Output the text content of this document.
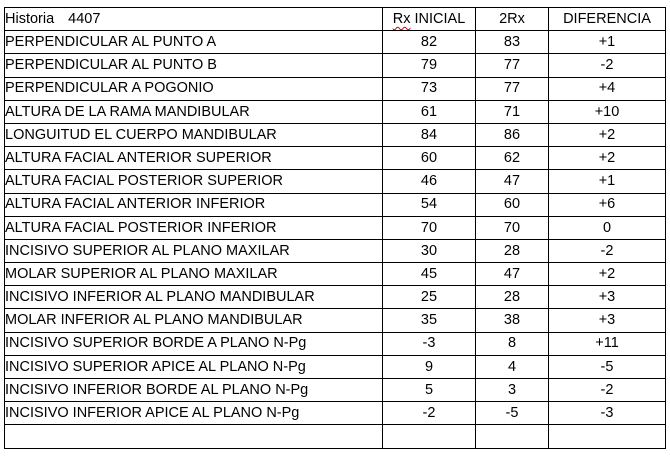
Historia 4407	Rx INICIAL	2Rx	DIFERENCIA
PERPENDICULAR AL PUNTO A	82	83	+1
PERPENDICULAR AL PUNTO B	79	77	-2
PERPENDICULAR A POGONIO	73	77	+4
ALTURA DE LA RAMA MANDIBULAR	61	71	+10
LONGUITUD EL CUERPO MANDIBULAR	84	86	+2
ALTURA FACIAL ANTERIOR SUPERIOR	60	62	+2
ALTURA FACIAL POSTERIOR SUPERIOR	46	47	+1
ALTURA FACIAL ANTERIOR INFERIOR	54	60	+6
ALTURA FACIAL POSTERIOR INFERIOR	70	70	0
INCISIVO SUPERIOR AL PLANO MAXILAR	30	28	-2
MOLAR SUPERIOR AL PLANO MAXILAR	45	47	+2
INCISIVO INFERIOR AL PLANO MANDIBULAR	25	28	+3
MOLAR INFERIOR AL PLANO MANDIBULAR	35	38	+3
INCISIVO SUPERIOR BORDE A PLANO N-Pg	-3	8	+11
INCISIVO SUPERIOR APICE AL PLANO N-Pg	9	4	-5
INCISIVO INFERIOR BORDE AL PLANO N-Pg	5	3	-2
INCISIVO INFERIOR APICE AL PLANO N-Pg	-2	-5	-3
